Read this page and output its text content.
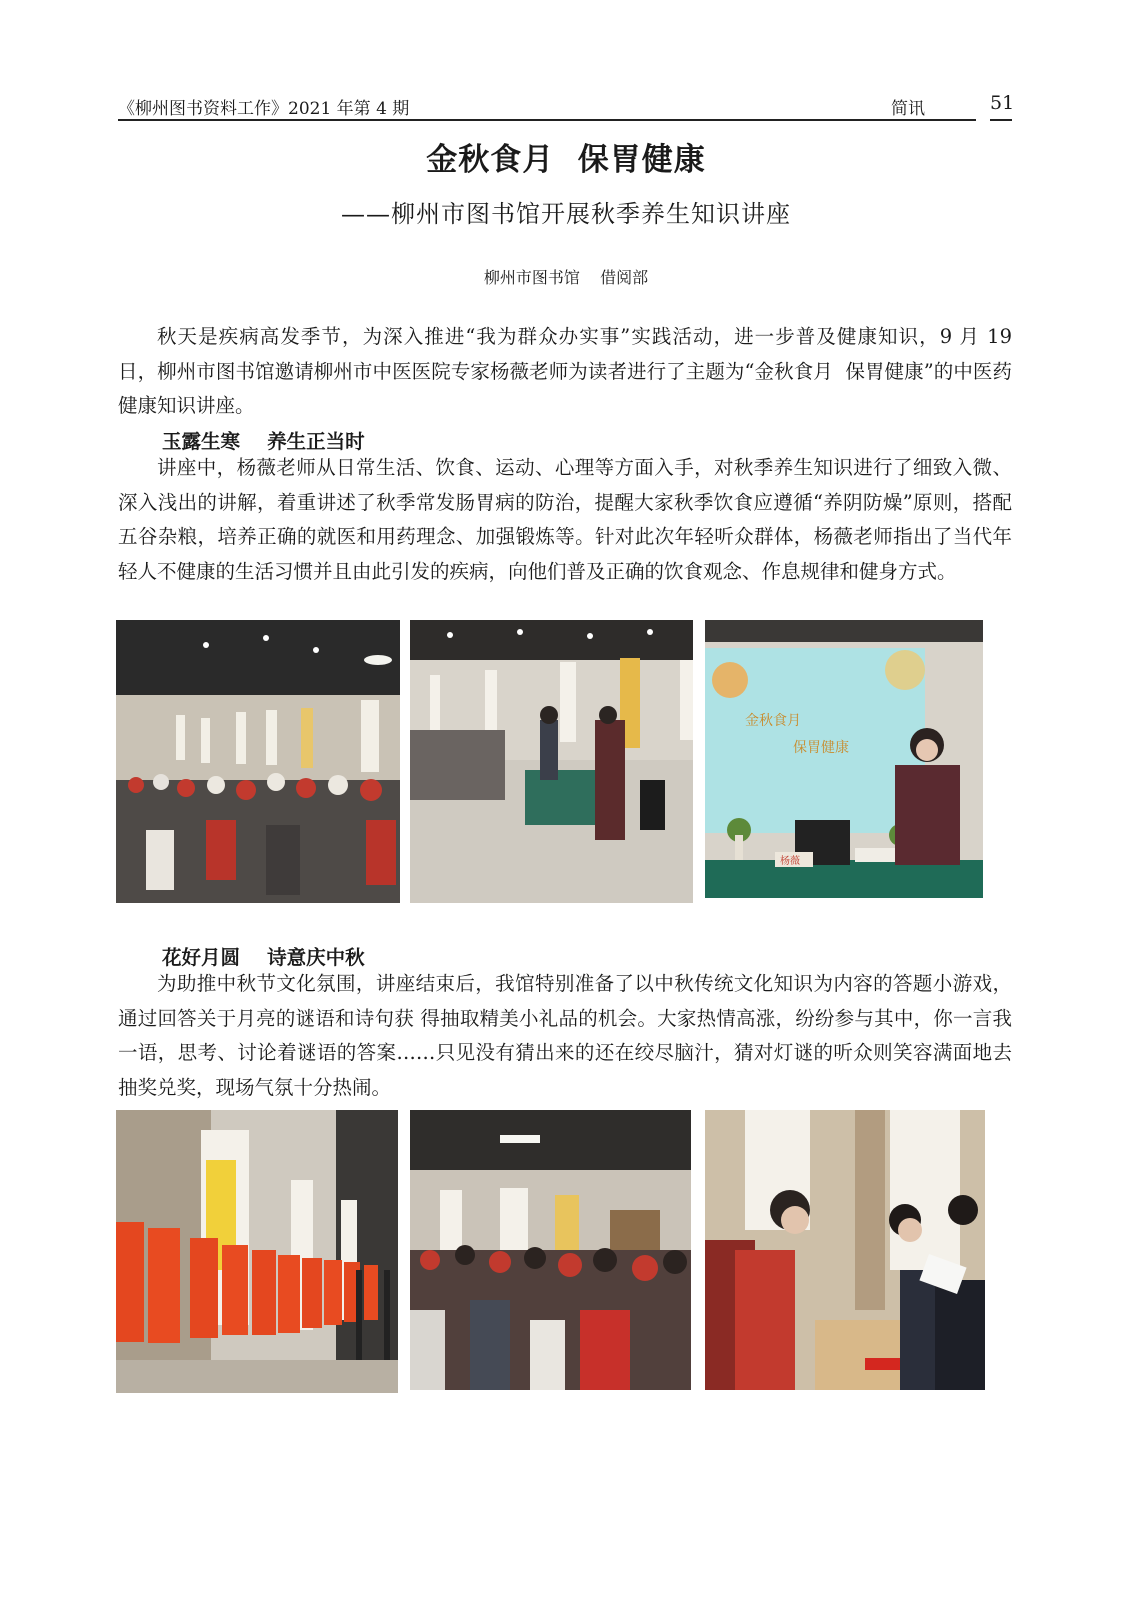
《柳州图书资料工作》2021 年第 4 期	简讯	51
金秋食月  保胃健康
——柳州市图书馆开展秋季养生知识讲座
柳州市图书馆    借阅部

秋天是疾病高发季节，为深入推进“我为群众办实事”实践活动，进一步普及健康知识，9 月 19 日，柳州市图书馆邀请柳州市中医医院专家杨薇老师为读者进行了主题为“金秋食月  保胃健康”的中医药健康知识讲座。

玉露生寒    养生正当时

讲座中，杨薇老师从日常生活、饮食、运动、心理等方面入手，对秋季养生知识进行了细致入微、深入浅出的讲解，着重讲述了秋季常发肠胃病的防治，提醒大家秋季饮食应遵循“养阴防燥”原则，搭配五谷杂粮，培养正确的就医和用药理念、加强锻炼等。针对此次年轻听众群体，杨薇老师指出了当代年轻人不健康的生活习惯并且由此引发的疾病，向他们普及正确的饮食观念、作息规律和健身方式。

金秋食月
保胃健康
杨薇
花好月圆    诗意庆中秋

为助推中秋节文化氛围，讲座结束后，我馆特别准备了以中秋传统文化知识为内容的答题小游戏，通过回答关于月亮的谜语和诗句获 得抽取精美小礼品的机会。大家热情高涨，纷纷参与其中，你一言我一语，思考、讨论着谜语的答案……只见没有猜出来的还在绞尽脑汁，猜对灯谜的听众则笑容满面地去抽奖兑奖，现场气氛十分热闹。
